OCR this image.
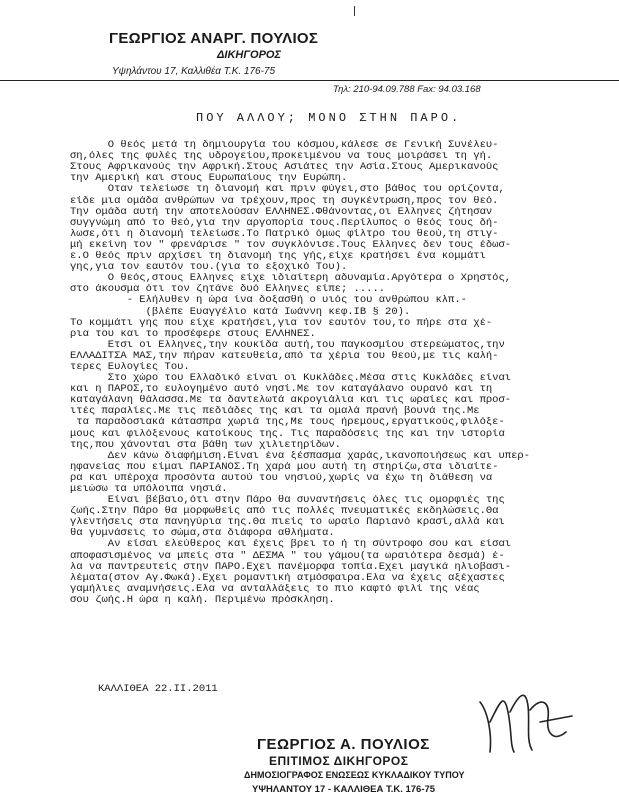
ΓΕΩΡΓΙΟΣ ΑΝΑΡΓ. ΠΟΥΛΙΟΣ
ΔΙΚΗΓΟΡΟΣ
Υψηλάντου 17, Καλλιθέα Τ.Κ. 176-75
Τηλ: 210-94.09.788 Fax: 94.03.168
ΠΟΥ ΑΛΛΟΥ; ΜΟΝΟ ΣΤΗΝ ΠΑΡΟ.
Ο θεός μετά τη δημιουργία του κόσμου,κάλεσε σε Γενική Συνέλευ-
ση,όλες της φυλές της υδρογείου,προκειμένου να τους μοιράσει τη γή.
Στους Αφρικανούς την Αφρική.Στους Ασιάτες την Ασία.Στους Αμερικανούς
την Αμερική και στους Ευρωπαίους την Ευρώπη.
Οταν τελείωσε τη διανομή και πριν φύγει,στο βάθος του ορίζοντα,
είδε μια ομάδα ανθρώπων να τρέχουν,προς τη συγκέντρωση,προς τον θεό.
Την ομάδα αυτή την αποτελούσαν ΕΛΛΗΝΕΣ.Φθάνοντας,οι Ελληνες ζήτησαν
συγγνώμη από το θεό,για την αργοπορία τους.Περίλυπος ο θεός τους δή-
λωσε,ότι η διανομή τελείωσε.Το Πατρικό όμως φίλτρο του θεού,τη στιγ-
μή εκείνη τον " φρενάρισε " τον συγκλόνισε.Τους Ελληνες δεν τους έδωσ-
ε.Ο θεός πριν αρχίσει τη διανομή της γής,είχε κρατήσει ένα κομμάτι
γης,για τον εαυτόν του.(για το εξοχικό Του).
Ο θεός,στους Ελληνες είχε ιδιαίτερη αδυναμία.Αργότερα ο Χρηστός,
στο άκουσμα ότι τον ζητάνε δυό Ελληνες είπε; .....
- Ελήλυθεν η ώρα ίνα δοξασθή ο υιός του ανθρώπου κλπ.-
(βλέπε Ευαγγέλιο κατά Ιωάννη κεφ.ΙΒ § 20).
Το κομμάτι γης που είχε κρατήσει,για τον εαυτόν του,το πήρε στα χέ-
ρια του και το προσέφερε στους ΕΛΛΗΝΕΣ.
Ετσι οι Ελληνες,την κουκίδα αυτή,του παγκοσμίου στερεώματος,την
ΕΛΛΑΔΙΤΣΑ ΜΑΣ,την πήραν κατευθεία,από τα χέρια του θεού,με τις καλή-
τερες Ευλογίες Του.
Στο χώρο του Ελλαδικό είναι οι Κυκλάδες.Μέσα στις Κυκλάδες είναι
και η ΠΑΡΟΣ,το ευλογημένο αυτό νησί.Με τον καταγάλανο ουρανό και τη
καταγάλανη θάλασσα.Με τα δαντελωτά ακρογιάλια και τις ωραίες και προσ-
ιτές παραλίες.Με τις πεδιάδες της και τα ομαλά πρανή βουνά της.Με
τα παραδοσιακά κάτασπρα χωριά της,Με τους ήρεμους,εργατικούς,φιλόξε-
μους και φιλόξενους κατοίκους της. Τις παραδόσεις της και την ιστορία
της,που χάνονται στα βάθη των χιλιετηρίδων.
Δεν κάνω διαφήμιση.Είναι ένα ξέσπασμα χαράς,ικανοποιήσεως και υπερ-
ηφανείας που είμαι ΠΑΡΙΑΝΟΣ.Τη χαρά μου αυτή τη στηρίζω,στα ιδιαίτε-
ρα και υπέροχα προσόντα αυτού του νησιού,χωρίς να έχω τη διάθεση να
μειώσω τα υπόλοιπα νησιά.
Είναι βέβαιο,ότι στην Πάρο θα συναντήσεις όλες τις ομορφιές της
ζωής.Στην Πάρο θα μορφωθείς από τις πολλές πνευματικές εκδηλώσεις.Θα
γλεντήσεις στα πανηγύρια της.Θα πιείς το ωραίο Παριανό κρασί,αλλά και
θα γυμνάσεις το σώμα,στα διάφορα αθλήματα.
Αν είσαι ελεύθερος και έχεις βρει το ή τη σύντροφο σου και είσαι
αποφασισμένος να μπείς στα " ΔΕΣΜΑ " του γάμου(τα ωραιότερα δεσμά) έ-
λα να παντρευτείς στην ΠΑΡΟ.Εχει πανέμορφα τοπία.Εχει μαγικά ηλιοβασι-
λέματα(στον Αγ.Φωκά).Εχει ρομαντική ατμόσφαιρα.Ελα να έχεις αξέχαστες
γαμήλιες αναμνήσεις.Ελα να ανταλλάξεις το πιο καφτό φιλί της νέας
σου ζωής.Η ώρα η καλή. Περιμένω πρόσκληση.
ΚΑΛΛΙΘΕΑ 22.II.2011
ΓΕΩΡΓΙΟΣ Α. ΠΟΥΛΙΟΣ
ΕΠΙΤΙΜΟΣ ΔΙΚΗΓΟΡΟΣ
ΔΗΜΟΣΙΟΓΡΑΦΟΣ ΕΝΩΣΕΩΣ ΚΥΚΛΑΔΙΚΟΥ ΤΥΠΟΥ
ΥΨΗΛΑΝΤΟΥ 17 - ΚΑΛΛΙΘΕΑ Τ.Κ. 176-75
